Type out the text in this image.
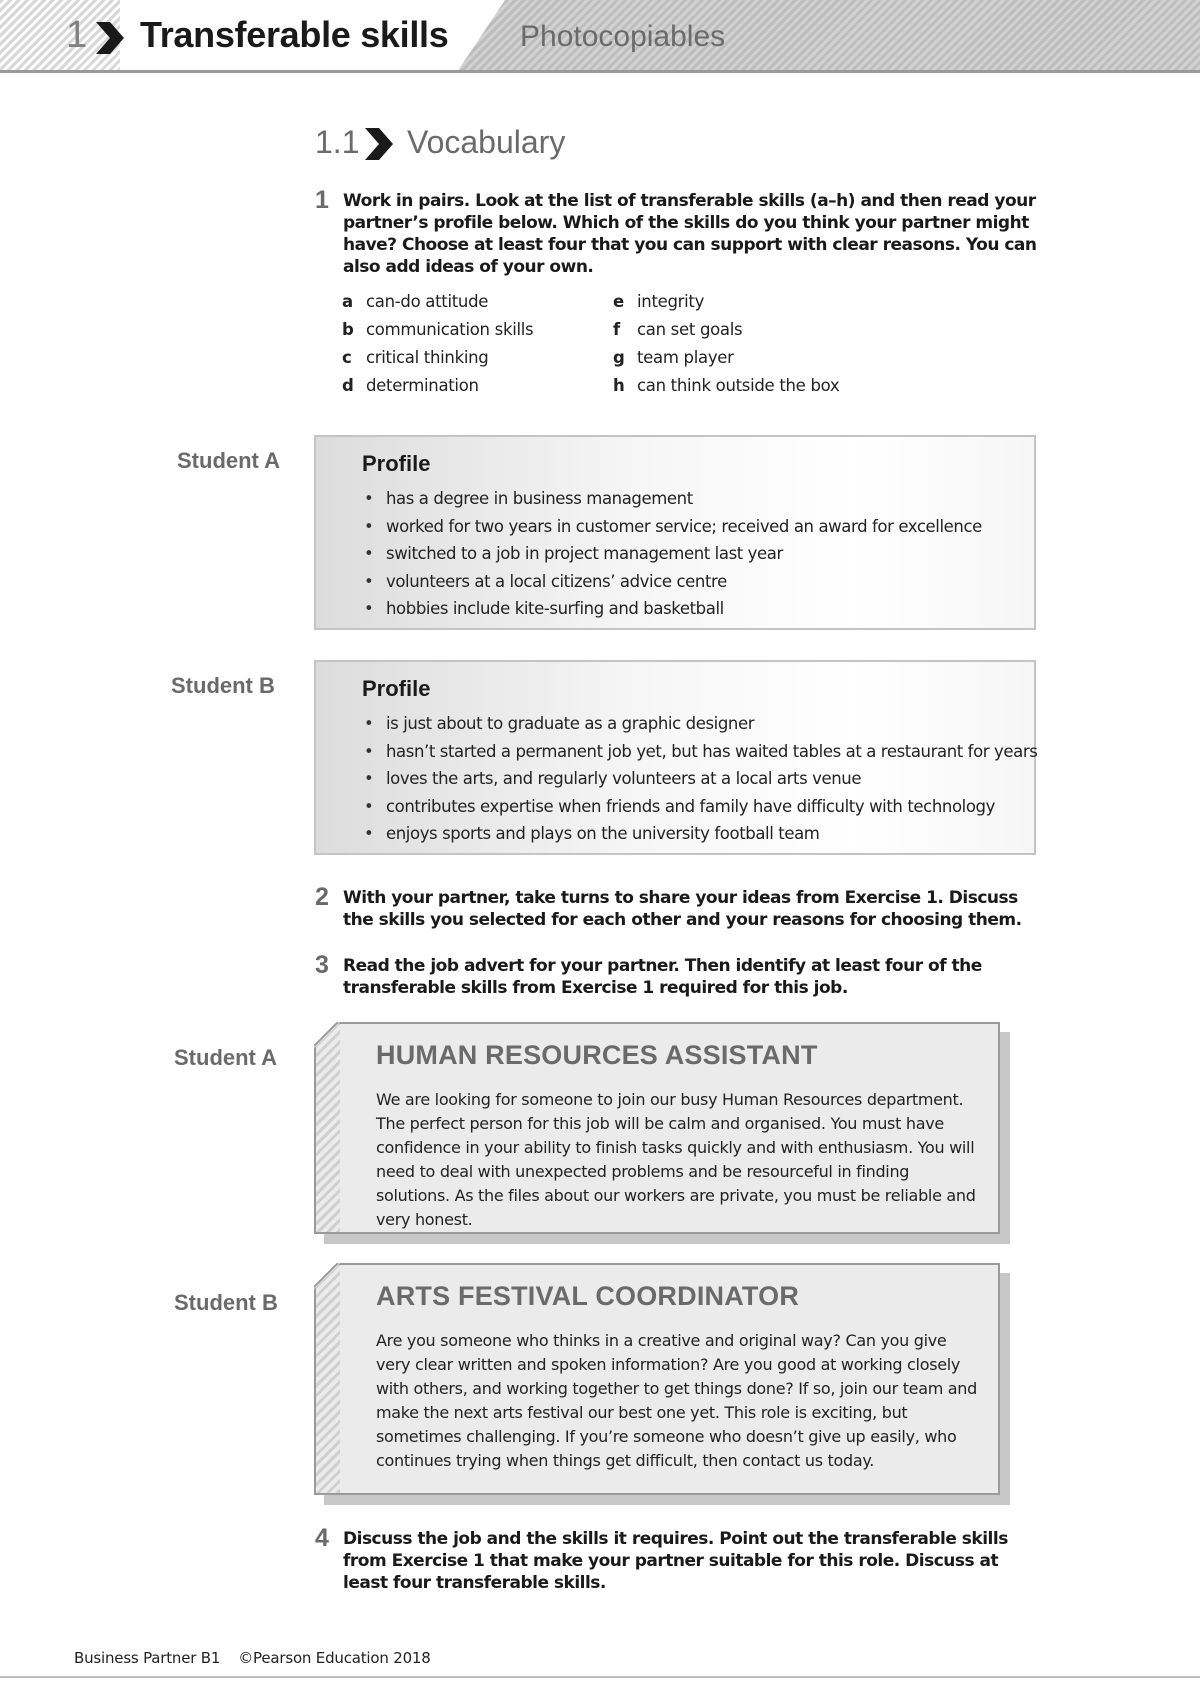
1 Transferable skills Photocopiables
1.1 Vocabulary
1 Work in pairs. Look at the list of transferable skills (a–h) and then read your partner’s profile below. Which of the skills do you think your partner might have? Choose at least four that you can support with clear reasons. You can also add ideas of your own.
a can-do attitude
b communication skills
c critical thinking
d determination
e integrity
f can set goals
g team player
h can think outside the box
Student A	Profile
• has a degree in business management
• worked for two years in customer service; received an award for excellence
• switched to a job in project management last year
• volunteers at a local citizens’ advice centre
• hobbies include kite-surfing and basketball
Student B	Profile
• is just about to graduate as a graphic designer
• hasn’t started a permanent job yet, but has waited tables at a restaurant for years
• loves the arts, and regularly volunteers at a local arts venue
• contributes expertise when friends and family have difficulty with technology
• enjoys sports and plays on the university football team
2 With your partner, take turns to share your ideas from Exercise 1. Discuss the skills you selected for each other and your reasons for choosing them.
3 Read the job advert for your partner. Then identify at least four of the transferable skills from Exercise 1 required for this job.
Student A	HUMAN RESOURCES ASSISTANT
We are looking for someone to join our busy Human Resources department. The perfect person for this job will be calm and organised. You must have confidence in your ability to finish tasks quickly and with enthusiasm. You will need to deal with unexpected problems and be resourceful in finding solutions. As the files about our workers are private, you must be reliable and very honest.
Student B	ARTS FESTIVAL COORDINATOR
Are you someone who thinks in a creative and original way? Can you give very clear written and spoken information? Are you good at working closely with others, and working together to get things done? If so, join our team and make the next arts festival our best one yet. This role is exciting, but sometimes challenging. If you’re someone who doesn’t give up easily, who continues trying when things get difficult, then contact us today.
4 Discuss the job and the skills it requires. Point out the transferable skills from Exercise 1 that make your partner suitable for this role. Discuss at least four transferable skills.
Business Partner B1 ©Pearson Education 2018
